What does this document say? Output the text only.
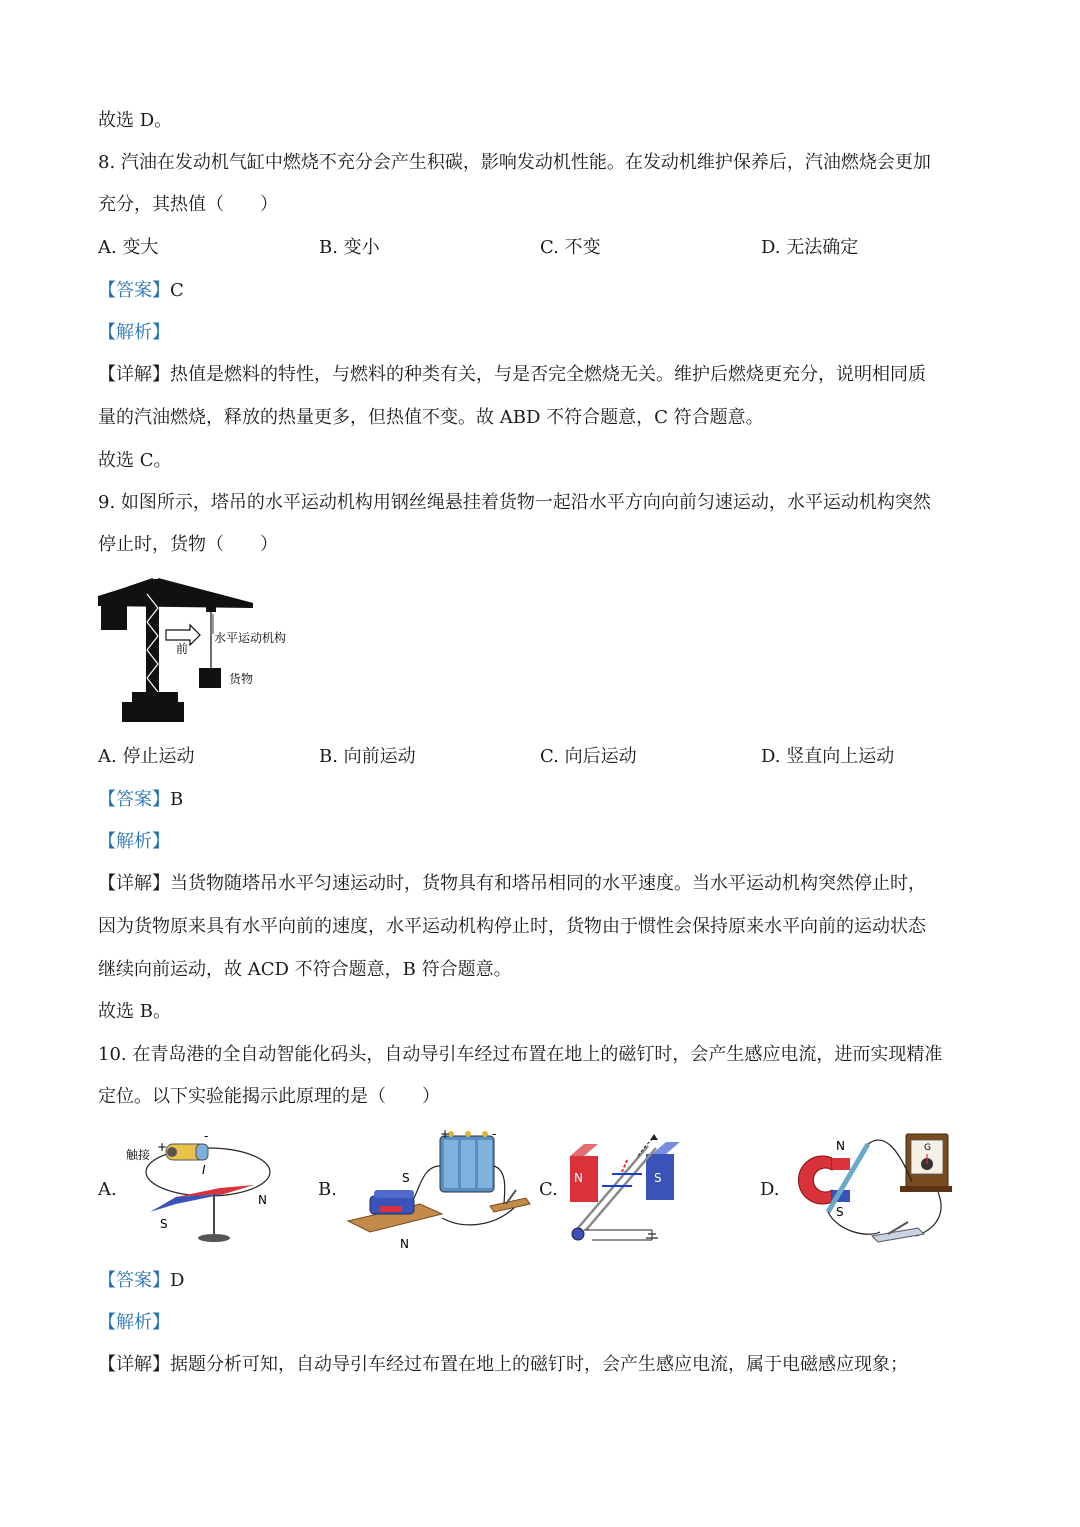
故选 D。
8. 汽油在发动机气缸中燃烧不充分会产生积碳，影响发动机性能。在发动机维护保养后，汽油燃烧会更加
充分，其热值（　　）
A. 变大	B. 变小	C. 不变	D. 无法确定
【答案】C
【解析】
【详解】热值是燃料的特性，与燃料的种类有关，与是否完全燃烧无关。维护后燃烧更充分，说明相同质
量的汽油燃烧，释放的热量更多，但热值不变。故 ABD 不符合题意，C 符合题意。
故选 C。
9. 如图所示，塔吊的水平运动机构用钢丝绳悬挂着货物一起沿水平方向向前匀速运动，水平运动机构突然
停止时，货物（　　）
前
水平运动机构
货物
A. 停止运动	B. 向前运动	C. 向后运动	D. 竖直向上运动
【答案】B
【解析】
【详解】当货物随塔吊水平匀速运动时，货物具有和塔吊相同的水平速度。当水平运动机构突然停止时，
因为货物原来具有水平向前的速度，水平运动机构停止时，货物由于惯性会保持原来水平向前的运动状态
继续向前运动，故 ACD 不符合题意，B 符合题意。
故选 B。
10. 在青岛港的全自动智能化码头，自动导引车经过布置在地上的磁钉时，会产生感应电流，进而实现精准
定位。以下实验能揭示此原理的是（　　）
A.	B.	C.	D.
触接
+
-
I
N
S
+	-
S
N
N	S
N
S
G
【答案】D
【解析】
【详解】据题分析可知，自动导引车经过布置在地上的磁钉时，会产生感应电流，属于电磁感应现象；
